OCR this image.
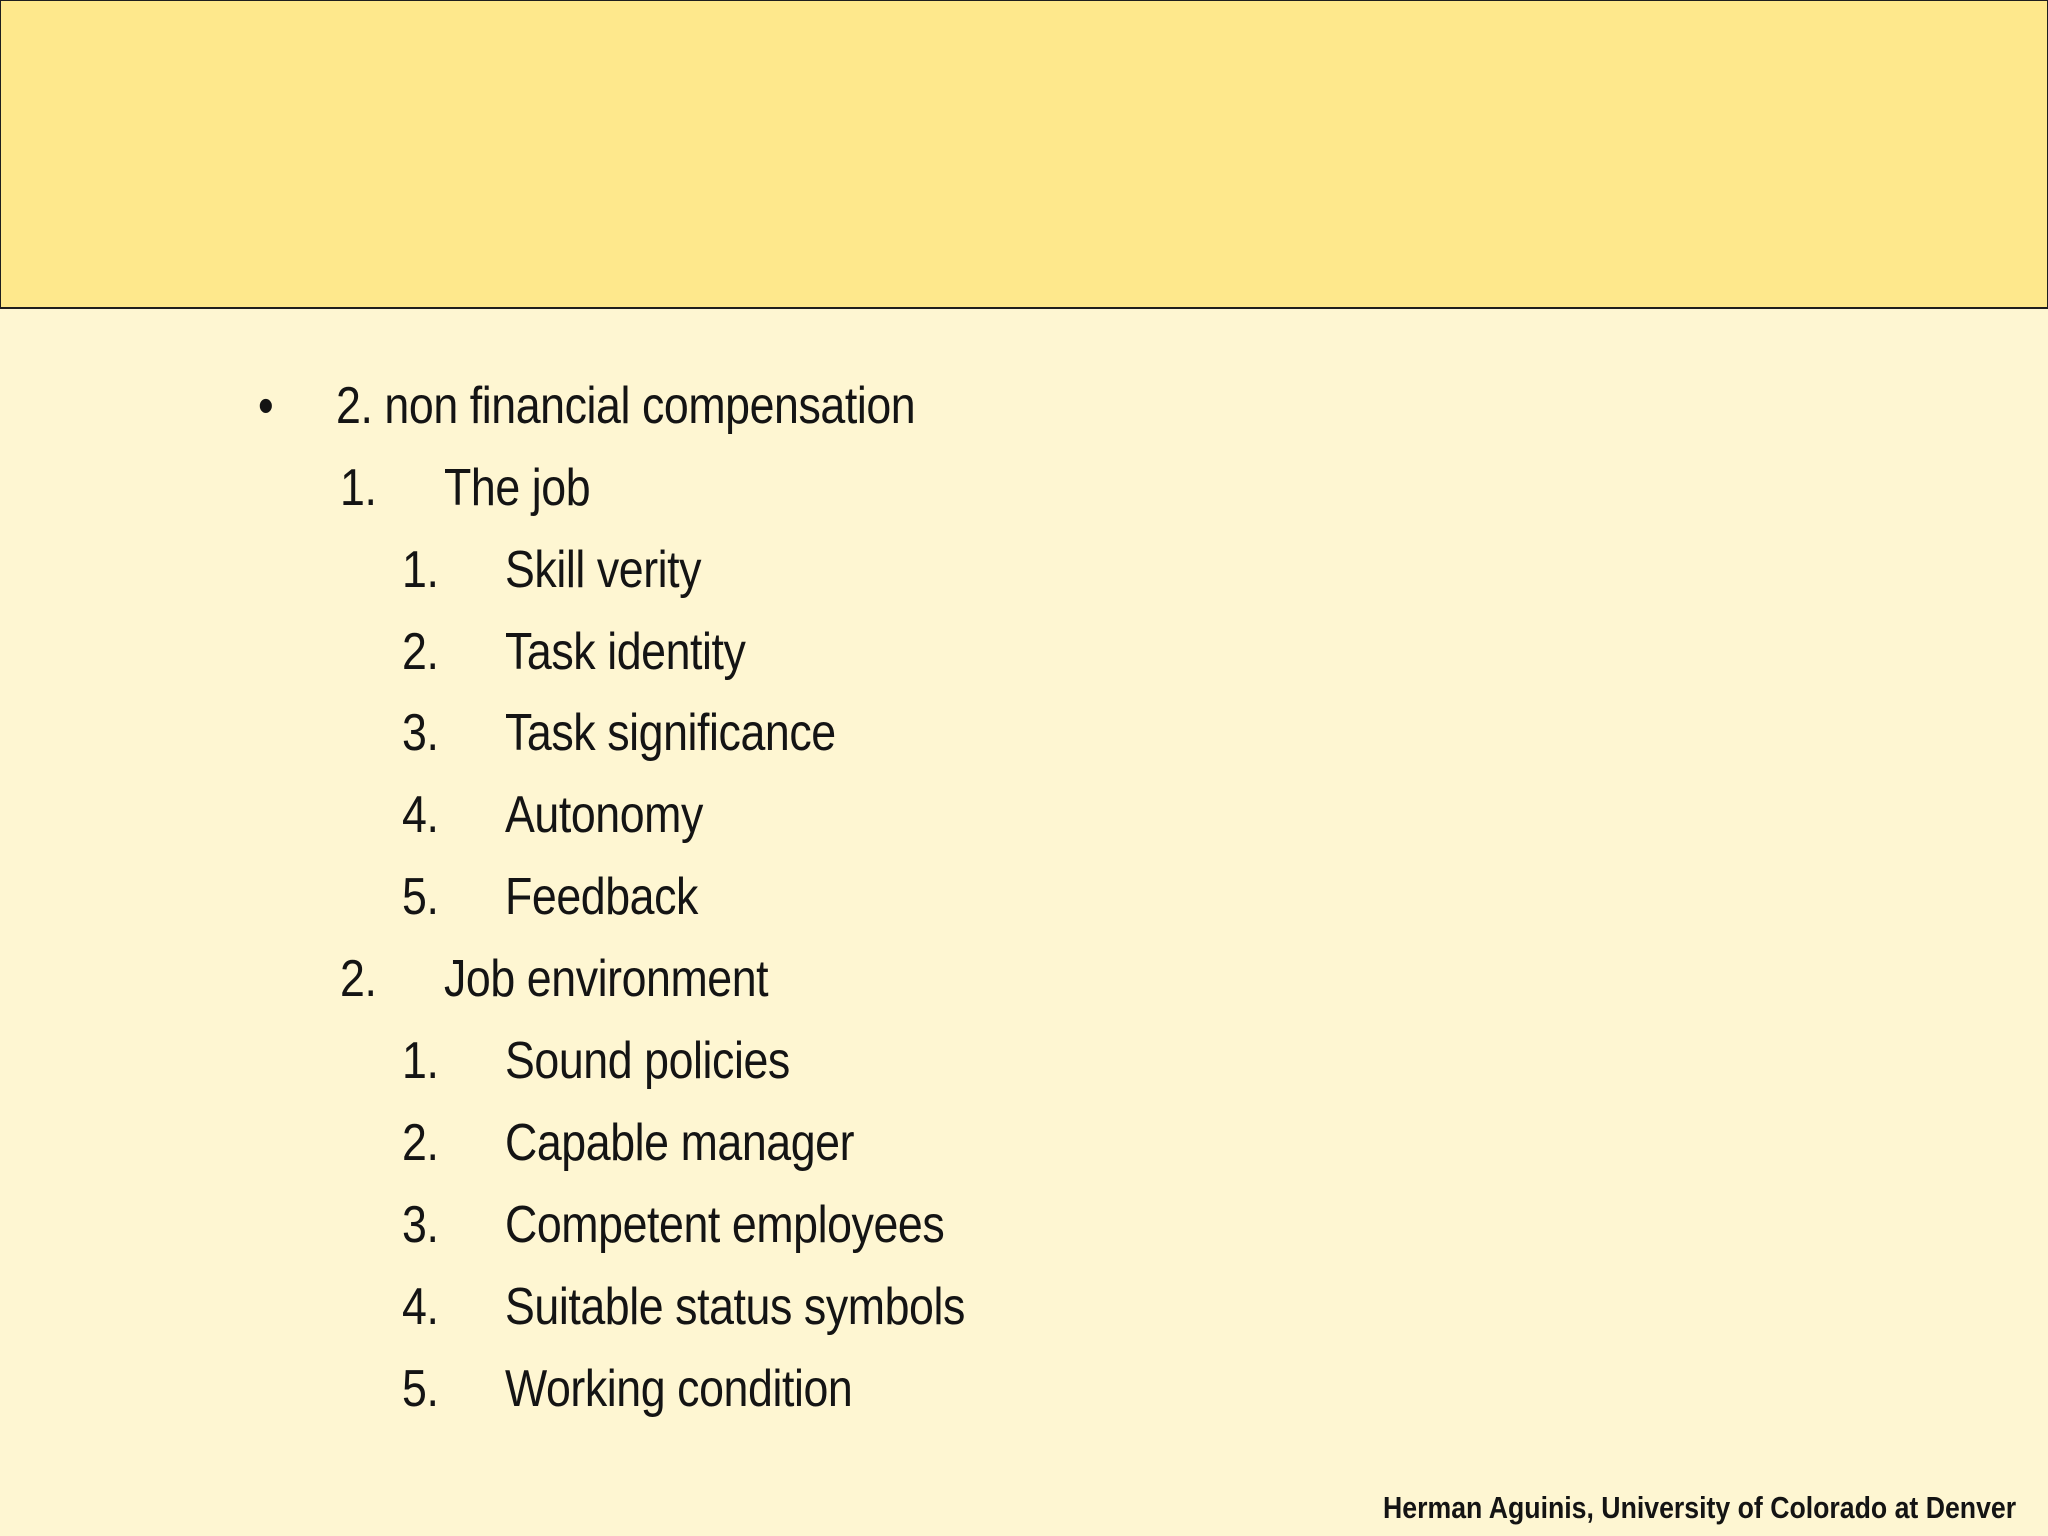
• 2. non financial compensation
1. The job
1. Skill verity
2. Task identity
3. Task significance
4. Autonomy
5. Feedback
2. Job environment
1. Sound policies
2. Capable manager
3. Competent employees
4. Suitable status symbols
5. Working condition
Herman Aguinis, University of Colorado at Denver
